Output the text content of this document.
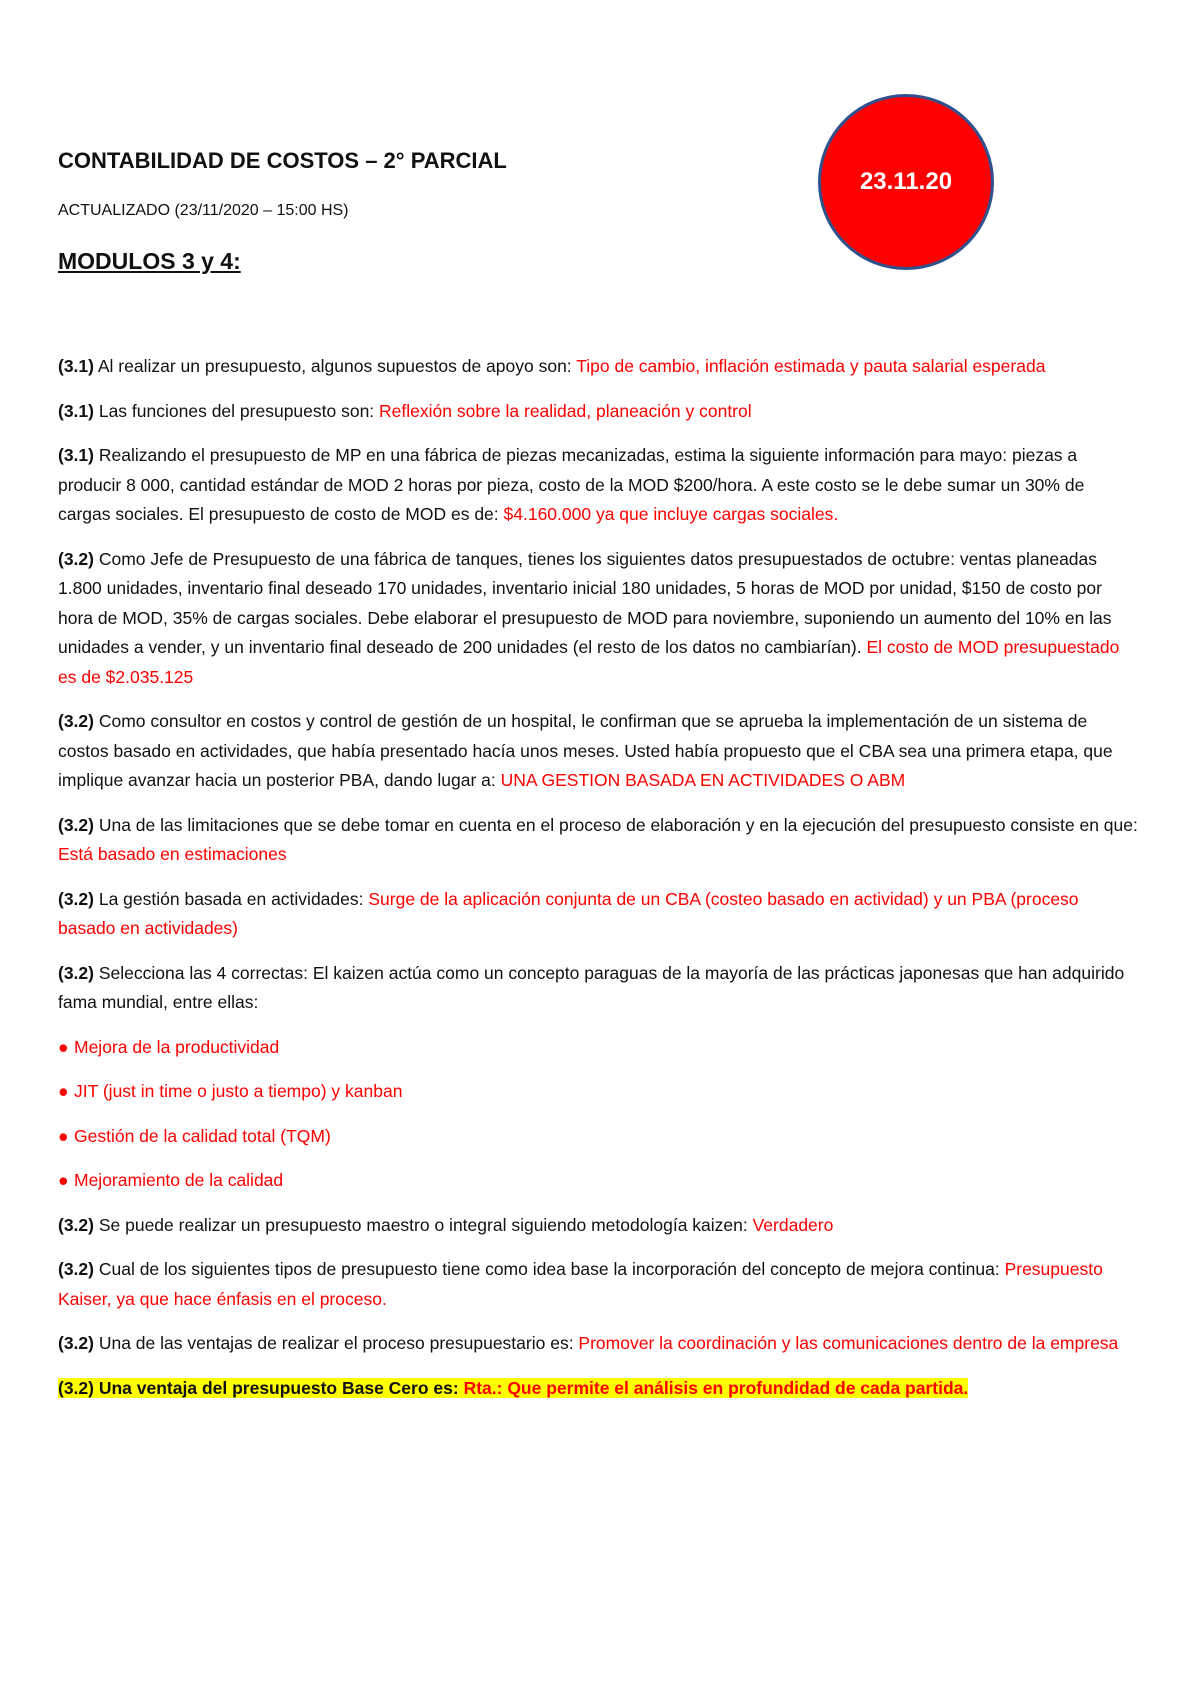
23.11.20
CONTABILIDAD DE COSTOS – 2° PARCIAL

ACTUALIZADO (23/11/2020 – 15:00 HS)

MODULOS 3 y 4:

(3.1) Al realizar un presupuesto, algunos supuestos de apoyo son: Tipo de cambio, inflación estimada y pauta salarial esperada

(3.1) Las funciones del presupuesto son: Reflexión sobre la realidad, planeación y control

(3.1) Realizando el presupuesto de MP en una fábrica de piezas mecanizadas, estima la siguiente información para mayo: piezas a producir 8 000, cantidad estándar de MOD 2 horas por pieza, costo de la MOD $200/hora. A este costo se le debe sumar un 30% de cargas sociales. El presupuesto de costo de MOD es de: $4.160.000 ya que incluye cargas sociales.

(3.2) Como Jefe de Presupuesto de una fábrica de tanques, tienes los siguientes datos presupuestados de octubre: ventas planeadas 1.800 unidades, inventario final deseado 170 unidades, inventario inicial 180 unidades, 5 horas de MOD por unidad, $150 de costo por hora de MOD, 35% de cargas sociales. Debe elaborar el presupuesto de MOD para noviembre, suponiendo un aumento del 10% en las unidades a vender, y un inventario final deseado de 200 unidades (el resto de los datos no cambiarían). El costo de MOD presupuestado es de $2.035.125

(3.2) Como consultor en costos y control de gestión de un hospital, le confirman que se aprueba la implementación de un sistema de costos basado en actividades, que había presentado hacía unos meses. Usted había propuesto que el CBA sea una primera etapa, que implique avanzar hacia un posterior PBA, dando lugar a: UNA GESTION BASADA EN ACTIVIDADES O ABM

(3.2) Una de las limitaciones que se debe tomar en cuenta en el proceso de elaboración y en la ejecución del presupuesto consiste en que: Está basado en estimaciones

(3.2) La gestión basada en actividades: Surge de la aplicación conjunta de un CBA (costeo basado en actividad) y un PBA (proceso basado en actividades)

(3.2) Selecciona las 4 correctas: El kaizen actúa como un concepto paraguas de la mayoría de las prácticas japonesas que han adquirido fama mundial, entre ellas:

● Mejora de la productividad

● JIT (just in time o justo a tiempo) y kanban

● Gestión de la calidad total (TQM)

● Mejoramiento de la calidad

(3.2) Se puede realizar un presupuesto maestro o integral siguiendo metodología kaizen: Verdadero

(3.2) Cual de los siguientes tipos de presupuesto tiene como idea base la incorporación del concepto de mejora continua: Presupuesto Kaiser, ya que hace énfasis en el proceso.

(3.2) Una de las ventajas de realizar el proceso presupuestario es: Promover la coordinación y las comunicaciones dentro de la empresa

(3.2) Una ventaja del presupuesto Base Cero es: Rta.: Que permite el análisis en profundidad de cada partida.
